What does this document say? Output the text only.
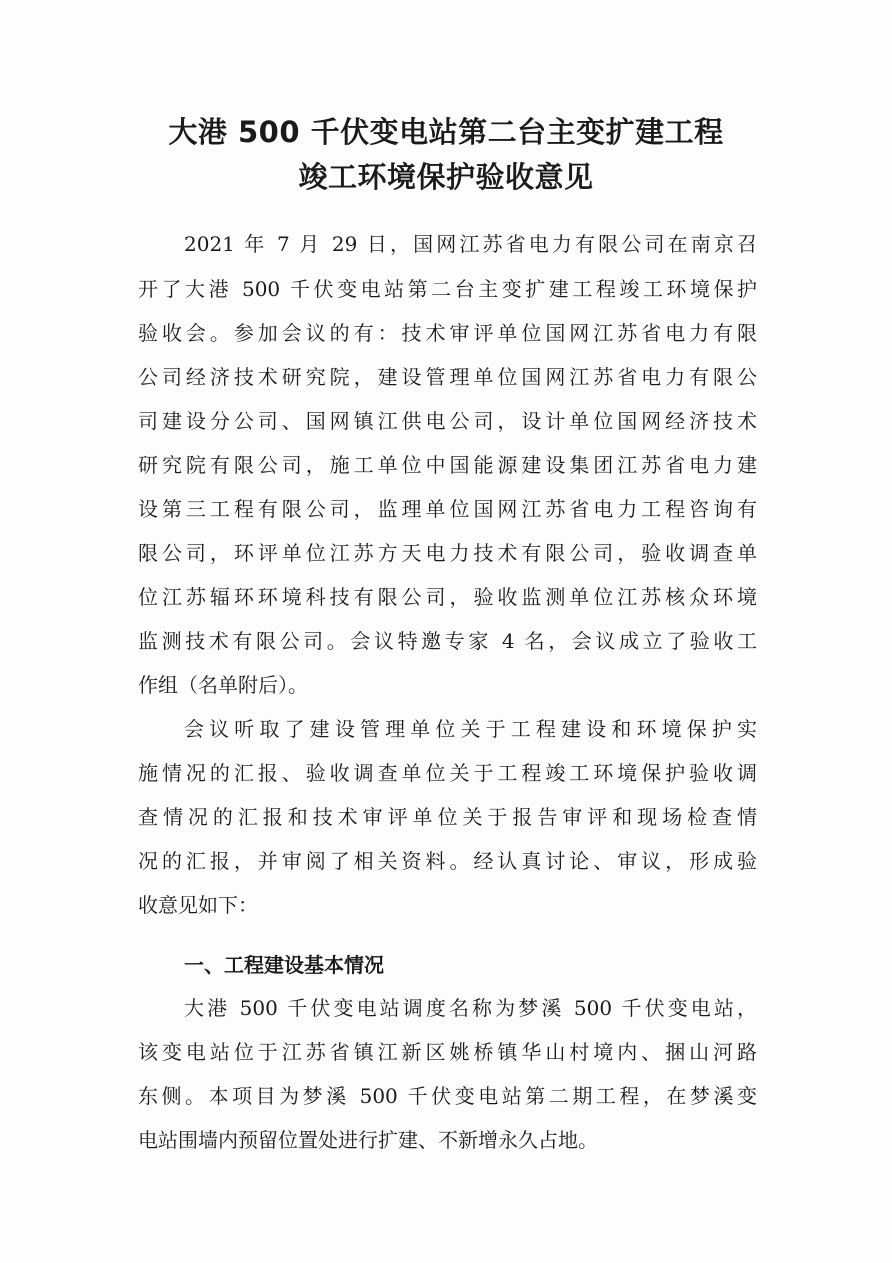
大港 500 千伏变电站第二台主变扩建工程
竣工环境保护验收意见
2021 年 7 月 29 日，国网江苏省电力有限公司在南京召
开了大港 500 千伏变电站第二台主变扩建工程竣工环境保护
验收会。参加会议的有：技术审评单位国网江苏省电力有限
公司经济技术研究院，建设管理单位国网江苏省电力有限公
司建设分公司、国网镇江供电公司，设计单位国网经济技术
研究院有限公司，施工单位中国能源建设集团江苏省电力建
设第三工程有限公司，监理单位国网江苏省电力工程咨询有
限公司，环评单位江苏方天电力技术有限公司，验收调查单
位江苏辐环环境科技有限公司，验收监测单位江苏核众环境
监测技术有限公司。会议特邀专家 4 名，会议成立了验收工
作组（名单附后）。
会议听取了建设管理单位关于工程建设和环境保护实
施情况的汇报、验收调查单位关于工程竣工环境保护验收调
查情况的汇报和技术审评单位关于报告审评和现场检查情
况的汇报，并审阅了相关资料。经认真讨论、审议，形成验
收意见如下：
一、工程建设基本情况
大港 500 千伏变电站调度名称为梦溪 500 千伏变电站，
该变电站位于江苏省镇江新区姚桥镇华山村境内、捆山河路
东侧。本项目为梦溪 500 千伏变电站第二期工程，在梦溪变
电站围墙内预留位置处进行扩建、不新增永久占地。
